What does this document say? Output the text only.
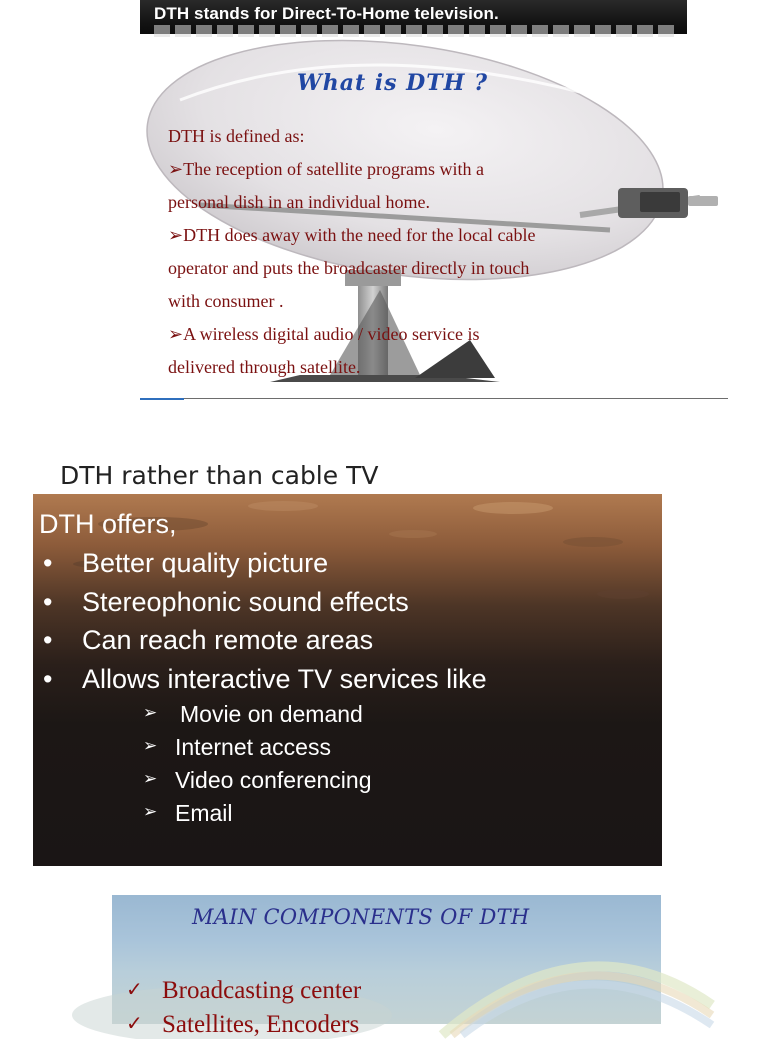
DTH stands for Direct-To-Home television.
What is DTH ?
DTH is defined as:
➢The reception of satellite programs with a
personal dish in an individual home.
➢DTH does away with the need for the local cable
operator and puts the broadcaster directly in touch
with consumer .
➢A wireless digital audio / video service is
delivered through satellite.
DTH rather than cable TV
DTH offers,
• Better quality picture
• Stereophonic sound effects
• Can reach remote areas
• Allows interactive TV services like
➢ Movie on demand
➢ Internet access
➢ Video conferencing
➢ Email
MAIN COMPONENTS OF DTH
✓ Broadcasting center
✓ Satellites, Encoders
